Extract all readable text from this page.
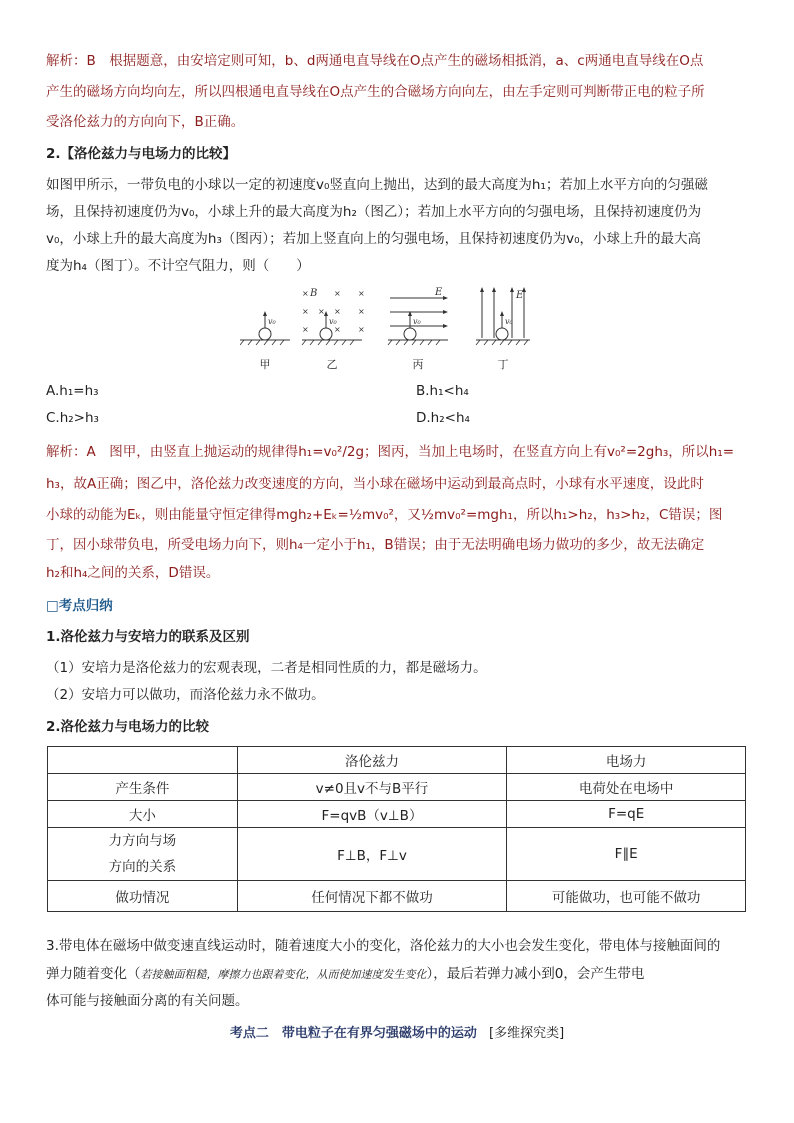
解析：B　根据题意，由安培定则可知，b、d两通电直导线在O点产生的磁场相抵消，a、c两通电直导线在O点
产生的磁场方向均向左，所以四根通电直导线在O点产生的合磁场方向向左，由左手定则可判断带正电的粒子所
受洛伦兹力的方向向下，B正确。
2.【洛伦兹力与电场力的比较】
如图甲所示，一带负电的小球以一定的初速度v₀竖直向上抛出，达到的最大高度为h₁；若加上水平方向的匀强磁
场，且保持初速度仍为v₀，小球上升的最大高度为h₂（图乙）；若加上水平方向的匀强电场，且保持初速度仍为
v₀，小球上升的最大高度为h₃（图丙）；若加上竖直向上的匀强电场，且保持初速度仍为v₀，小球上升的最大高
度为h₄（图丁）。不计空气阻力，则（　　）
×	× ×
× × × ×
×	× ×
v₀	v₀	v₀	v₀
B	E	E
甲	乙	丙	丁
A.h₁=h₃	B.h₁<h₄
C.h₂>h₃	D.h₂<h₄
解析：A　图甲，由竖直上抛运动的规律得h₁=v₀²/2g；图丙，当加上电场时，在竖直方向上有v₀²=2gh₃，所以h₁=
h₃，故A正确；图乙中，洛伦兹力改变速度的方向，当小球在磁场中运动到最高点时，小球有水平速度，设此时
小球的动能为Eₖ，则由能量守恒定律得mgh₂+Eₖ=½mv₀²，又½mv₀²=mgh₁，所以h₁>h₂，h₃>h₂，C错误；图
丁，因小球带负电，所受电场力向下，则h₄一定小于h₁，B错误；由于无法明确电场力做功的多少，故无法确定
h₂和h₄之间的关系，D错误。
□考点归纳
1.洛伦兹力与安培力的联系及区别
（1）安培力是洛伦兹力的宏观表现，二者是相同性质的力，都是磁场力。
（2）安培力可以做功，而洛伦兹力永不做功。
2.洛伦兹力与电场力的比较
	洛伦兹力	电场力
产生条件	v≠0且v不与B平行	电荷处在电场中
大小	F=qvB（v⊥B）	F=qE

力方向与场
方向的关系	F⊥B，F⊥v	F∥E
做功情况	任何情况下都不做功	可能做功，也可能不做功
3.带电体在磁场中做变速直线运动时，随着速度大小的变化，洛伦兹力的大小也会发生变化，带电体与接触面间的
弹力随着变化（若接触面粗糙，摩擦力也跟着变化，从而使加速度发生变化），最后若弹力减小到0，会产生带电
体可能与接触面分离的有关问题。
考点二　带电粒子在有界匀强磁场中的运动 [多维探究类]
